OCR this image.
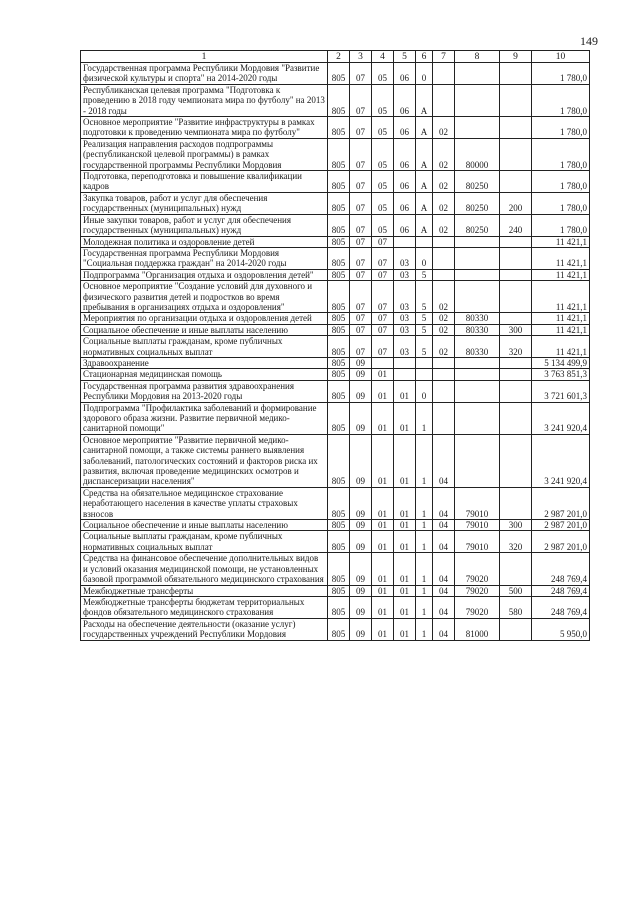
149
1	2	3	4	5	6	7	8	9	10
Государственная программа Республики Мордовия "Развитие физической культуры и спорта" на 2014-2020 годы	805	07	05	06	0				1 780,0
Республиканская целевая программа "Подготовка к проведению в 2018 году чемпионата мира по футболу" на 2013 - 2018 годы	805	07	05	06	А				1 780,0
Основное мероприятие "Развитие инфраструктуры в рамках подготовки к проведению чемпионата мира по футболу"	805	07	05	06	А	02			1 780,0
Реализация направления расходов подпрограммы (республиканской целевой программы) в рамках государственной программы Республики Мордовия	805	07	05	06	А	02	80000		1 780,0
Подготовка, переподготовка и повышение квалификации кадров	805	07	05	06	А	02	80250		1 780,0
Закупка товаров, работ и услуг для обеспечения государственных (муниципальных) нужд	805	07	05	06	А	02	80250	200	1 780,0
Иные закупки товаров, работ и услуг для обеспечения государственных (муниципальных) нужд	805	07	05	06	А	02	80250	240	1 780,0
Молодежная политика и оздоровление детей	805	07	07						11 421,1
Государственная программа Республики Мордовия "Социальная поддержка граждан" на 2014-2020 годы	805	07	07	03	0				11 421,1
Подпрограмма "Организация отдыха и оздоровления детей"	805	07	07	03	5				11 421,1
Основное мероприятие "Создание условий для духовного и физического развития детей и подростков во время пребывания в организациях отдыха и оздоровления"	805	07	07	03	5	02			11 421,1
Мероприятия по организации отдыха и оздоровления детей	805	07	07	03	5	02	80330		11 421,1
Социальное обеспечение и иные выплаты населению	805	07	07	03	5	02	80330	300	11 421,1
Социальные выплаты гражданам, кроме публичных нормативных социальных выплат	805	07	07	03	5	02	80330	320	11 421,1
Здравоохранение	805	09							5 134 499,9
Стационарная медицинская помощь	805	09	01						3 763 851,3
Государственная программа развития здравоохранения Республики Мордовия на 2013-2020 годы	805	09	01	01	0				3 721 601,3
Подпрограмма "Профилактика заболеваний и формирование здорового образа жизни. Развитие первичной медико-санитарной помощи"	805	09	01	01	1				3 241 920,4
Основное мероприятие "Развитие первичной медико-санитарной помощи, а также системы раннего выявления заболеваний, патологических состояний и факторов риска их развития, включая проведение медицинских осмотров и диспансеризации населения"	805	09	01	01	1	04			3 241 920,4
Средства на обязательное медицинское страхование неработающего населения в качестве уплаты страховых взносов	805	09	01	01	1	04	79010		2 987 201,0
Социальное обеспечение и иные выплаты населению	805	09	01	01	1	04	79010	300	2 987 201,0
Социальные выплаты гражданам, кроме публичных нормативных социальных выплат	805	09	01	01	1	04	79010	320	2 987 201,0
Средства на финансовое обеспечение дополнительных видов и условий оказания медицинской помощи, не установленных базовой программой обязательного медицинского страхования	805	09	01	01	1	04	79020		248 769,4
Межбюджетные трансферты	805	09	01	01	1	04	79020	500	248 769,4
Межбюджетные трансферты бюджетам территориальных фондов обязательного медицинского страхования	805	09	01	01	1	04	79020	580	248 769,4
Расходы на обеспечение деятельности (оказание услуг) государственных учреждений Республики Мордовия	805	09	01	01	1	04	81000		5 950,0
